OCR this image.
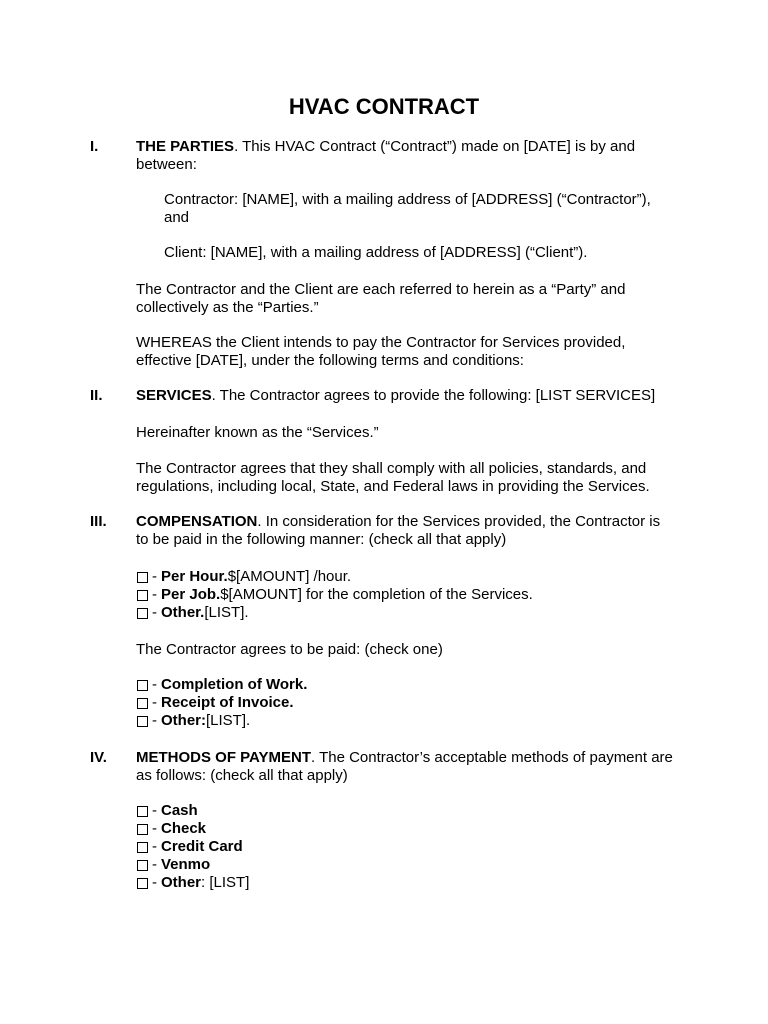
HVAC CONTRACT
I.	THE PARTIES. This HVAC Contract (“Contract”) made on [DATE] is by and
between:
Contractor: [NAME], with a mailing address of [ADDRESS] (“Contractor”),
and
Client: [NAME], with a mailing address of [ADDRESS] (“Client”).
The Contractor and the Client are each referred to herein as a “Party” and
collectively as the “Parties.”
WHEREAS the Client intends to pay the Contractor for Services provided,
effective [DATE], under the following terms and conditions:
II. SERVICES. The Contractor agrees to provide the following: [LIST SERVICES]
Hereinafter known as the “Services.”
The Contractor agrees that they shall comply with all policies, standards, and
regulations, including local, State, and Federal laws in providing the Services.
III. COMPENSATION. In consideration for the Services provided, the Contractor is
to be paid in the following manner: (check all that apply)
- Per Hour. $[AMOUNT] /hour.
- Per Job. $[AMOUNT] for the completion of the Services.
- Other. [LIST].
The Contractor agrees to be paid: (check one)
- Completion of Work.
- Receipt of Invoice.
- Other: [LIST].
IV. METHODS OF PAYMENT. The Contractor’s acceptable methods of payment are
as follows: (check all that apply)
- Cash
- Check
- Credit Card
- Venmo
- Other : [LIST]
